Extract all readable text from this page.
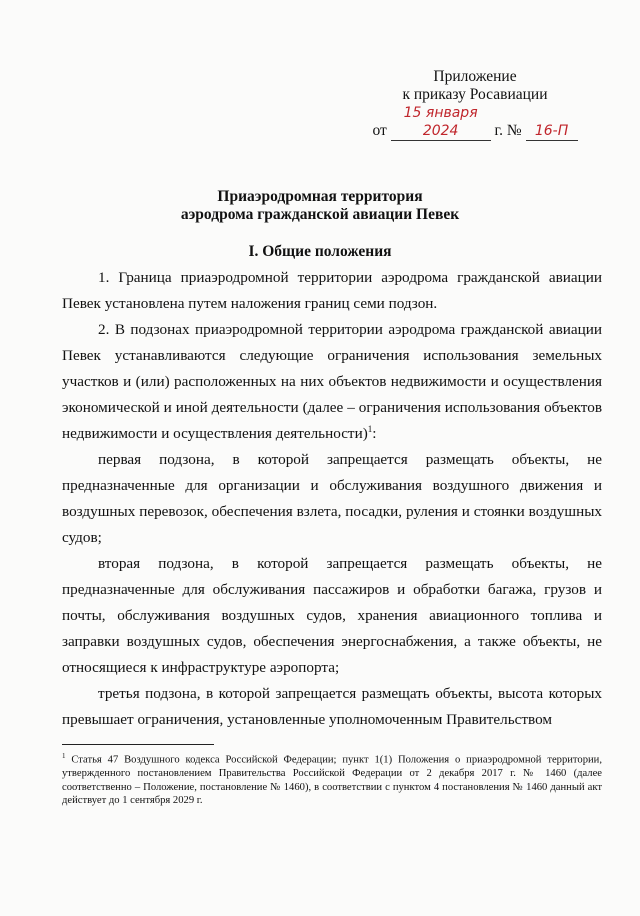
Приложение
к приказу Росавиации
от 15 января 2024 г. № 16-П
Приаэродромная территория
аэродрома гражданской авиации Певек
I. Общие положения

1. Граница приаэродромной территории аэродрома гражданской авиации Певек установлена путем наложения границ семи подзон.

2. В подзонах приаэродромной территории аэродрома гражданской авиации Певек устанавливаются следующие ограничения использования земельных участков и (или) расположенных на них объектов недвижимости и осуществления экономической и иной деятельности (далее – ограничения использования объектов недвижимости и осуществления деятельности)$^1$:

первая подзона, в которой запрещается размещать объекты, не предназначенные для организации и обслуживания воздушного движения и воздушных перевозок, обеспечения взлета, посадки, руления и стоянки воздушных судов;

вторая подзона, в которой запрещается размещать объекты, не предназначенные для обслуживания пассажиров и обработки багажа, грузов и почты, обслуживания воздушных судов, хранения авиационного топлива и заправки воздушных судов, обеспечения энергоснабжения, а также объекты, не относящиеся к инфраструктуре аэропорта;

третья подзона, в которой запрещается размещать объекты, высота которых превышает ограничения, установленные уполномоченным Правительством

$^1$ Статья 47 Воздушного кодекса Российской Федерации; пункт 1(1) Положения о приаэродромной территории, утвержденного постановлением Правительства Российской Федерации от 2 декабря 2017 г. № 1460 (далее соответственно – Положение, постановление № 1460), в соответствии с пунктом 4 постановления № 1460 данный акт действует до 1 сентября 2029 г.
